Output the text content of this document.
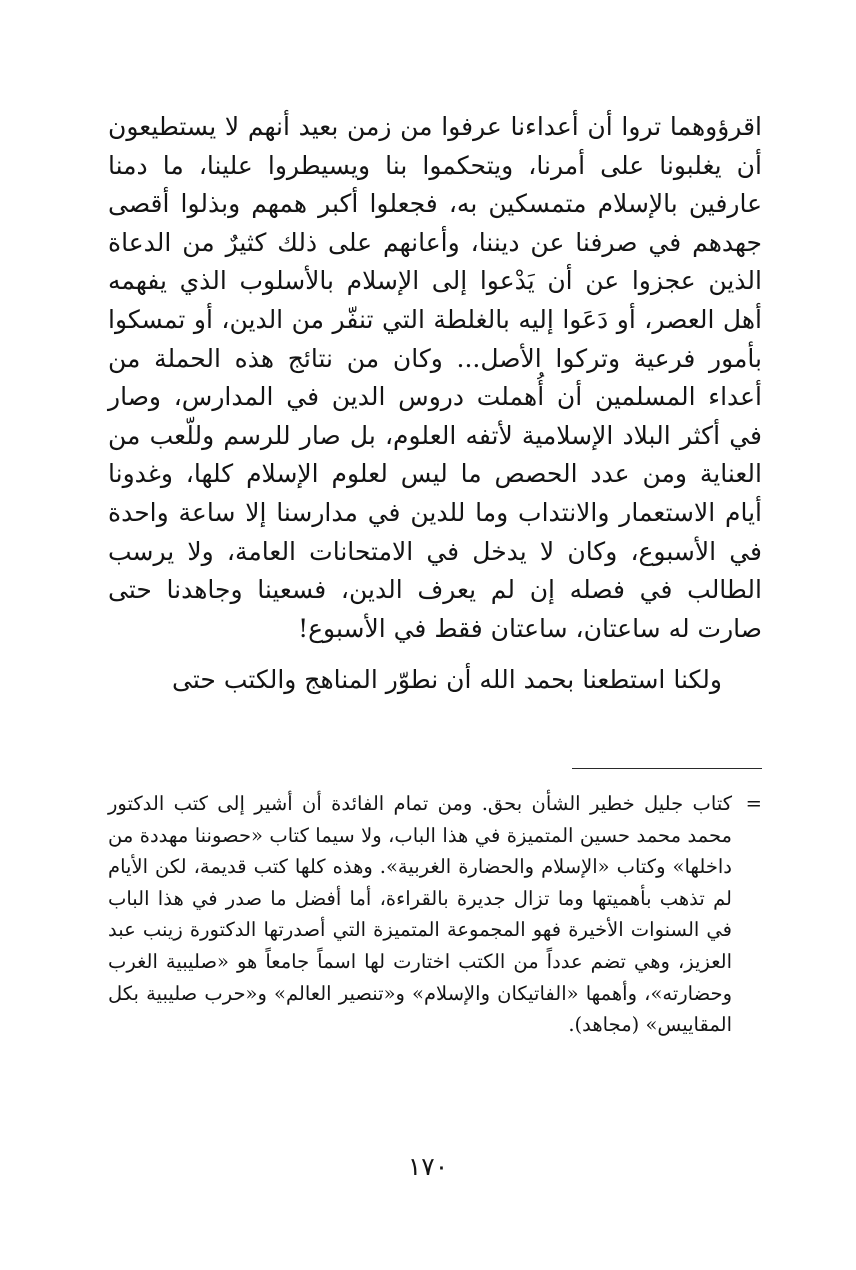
اقرؤوهما تروا أن أعداءنا عرفوا من زمن بعيد أنهم لا يستطيعون أن يغلبونا على أمرنا، ويتحكموا بنا ويسيطروا علينا، ما دمنا عارفين بالإسلام متمسكين به، فجعلوا أكبر همهم وبذلوا أقصى جهدهم في صرفنا عن ديننا، وأعانهم على ذلك كثيرٌ من الدعاة الذين عجزوا عن أن يَدْعوا إلى الإسلام بالأسلوب الذي يفهمه أهل العصر، أو دَعَوا إليه بالغلطة التي تنفّر من الدين، أو تمسكوا بأمور فرعية وتركوا الأصل... وكان من نتائج هذه الحملة من أعداء المسلمين أن أُهملت دروس الدين في المدارس، وصار في أكثر البلاد الإسلامية لأتفه العلوم، بل صار للرسم وللّعب من العناية ومن عدد الحصص ما ليس لعلوم الإسلام كلها، وغدونا أيام الاستعمار والانتداب وما للدين في مدارسنا إلا ساعة واحدة في الأسبوع، وكان لا يدخل في الامتحانات العامة، ولا يرسب الطالب في فصله إن لم يعرف الدين، فسعينا وجاهدنا حتى صارت له ساعتان، ساعتان فقط في الأسبوع!

ولكنا استطعنا بحمد الله أن نطوّر المناهج والكتب حتى

=
كتاب جليل خطير الشأن بحق. ومن تمام الفائدة أن أشير إلى كتب الدكتور محمد محمد حسين المتميزة في هذا الباب، ولا سيما كتاب «حصوننا مهددة من داخلها» وكتاب «الإسلام والحضارة الغربية». وهذه كلها كتب قديمة، لكن الأيام لم تذهب بأهميتها وما تزال جديرة بالقراءة، أما أفضل ما صدر في هذا الباب في السنوات الأخيرة فهو المجموعة المتميزة التي أصدرتها الدكتورة زينب عبد العزيز، وهي تضم عدداً من الكتب اختارت لها اسماً جامعاً هو «صليبية الغرب وحضارته»، وأهمها «الفاتيكان والإسلام» و«تنصير العالم» و«حرب صليبية بكل المقاييس» (مجاهد).
١٧٠
